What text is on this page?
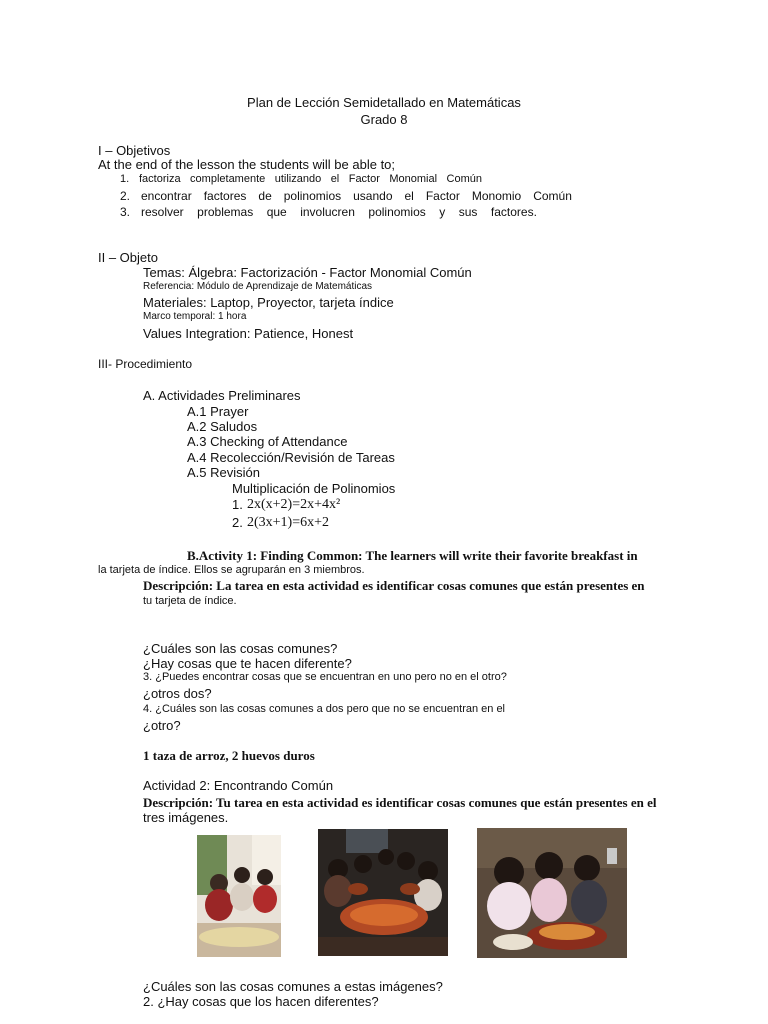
Plan de Lección Semidetallado en Matemáticas
Grado 8
I – Objetivos
At the end of the lesson the students will be able to;
1. factoriza completamente utilizando el Factor Monomial Común
2. encontrar factores de polinomios usando el Factor Monomio Común
3. resolver problemas que involucren polinomios y sus factores.
II – Objeto
Temas: Álgebra: Factorización - Factor Monomial Común
Referencia: Módulo de Aprendizaje de Matemáticas
Materiales: Laptop, Proyector, tarjeta índice
Marco temporal: 1 hora
Values Integration: Patience, Honest
III- Procedimiento
A. Actividades Preliminares
A.1 Prayer
A.2 Saludos
A.3 Checking of Attendance
A.4 Recolección/Revisión de Tareas
A.5 Revisión
Multiplicación de Polinomios
1. 2x(x+2)=2x+4x²
2. 2(3x+1)=6x+2
B.Activity 1: Finding Common: The learners will write their favorite breakfast in
la tarjeta de índice. Ellos se agruparán en 3 miembros.
Descripción: La tarea en esta actividad es identificar cosas comunes que están presentes en
tu tarjeta de índice.
¿Cuáles son las cosas comunes?
¿Hay cosas que te hacen diferente?
3. ¿Puedes encontrar cosas que se encuentran en uno pero no en el otro?
¿otros dos?
4. ¿Cuáles son las cosas comunes a dos pero que no se encuentran en el
¿otro?
1 taza de arroz, 2 huevos duros
Actividad 2: Encontrando Común
Descripción: Tu tarea en esta actividad es identificar cosas comunes que están presentes en el
tres imágenes.
¿Cuáles son las cosas comunes a estas imágenes?
2. ¿Hay cosas que los hacen diferentes?
